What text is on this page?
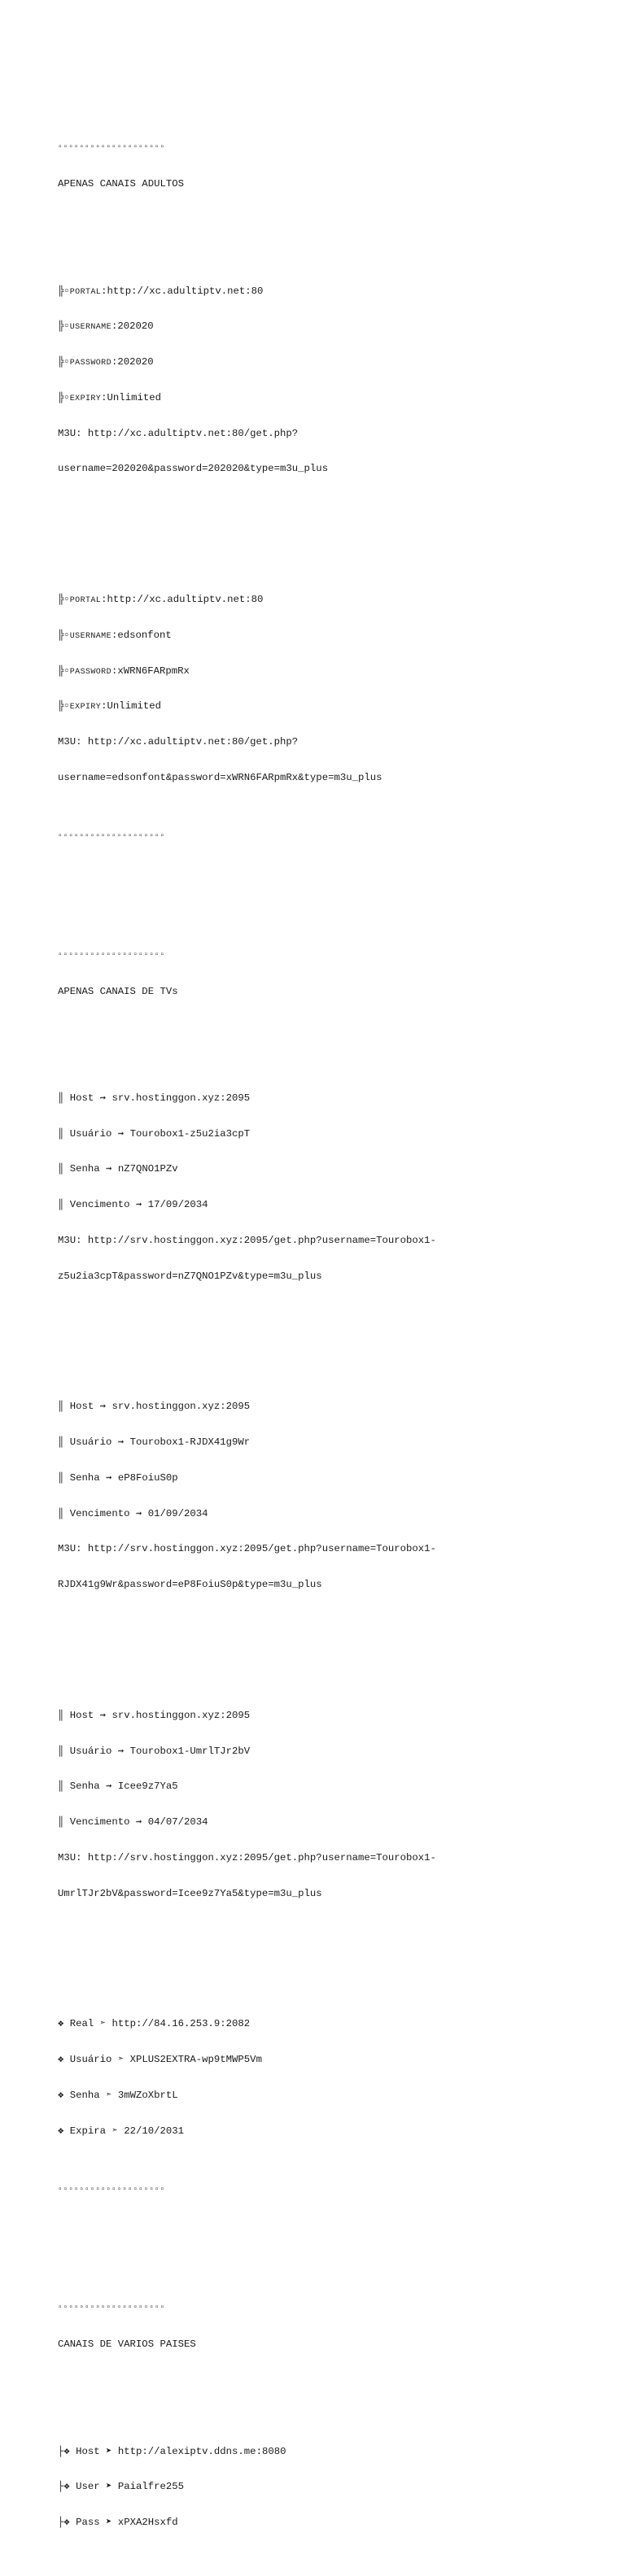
▫▫▫▫▫▫▫▫▫▫▫▫▫▫▫▫▫▫▫▫

APENAS CANAIS ADULTOS

╠▫PORTAL:http://xc.adultiptv.net:80

╠▫USERNAME:202020

╠▫PASSWORD:202020

╠▫EXPIRY:Unlimited

M3U: http://xc.adultiptv.net:80/get.php?

username=202020&password=202020&type=m3u_plus

╠▫PORTAL:http://xc.adultiptv.net:80

╠▫USERNAME:edsonfont

╠▫PASSWORD:xWRN6FARpmRx

╠▫EXPIRY:Unlimited

M3U: http://xc.adultiptv.net:80/get.php?

username=edsonfont&password=xWRN6FARpmRx&type=m3u_plus

▫▫▫▫▫▫▫▫▫▫▫▫▫▫▫▫▫▫▫▫

▫▫▫▫▫▫▫▫▫▫▫▫▫▫▫▫▫▫▫▫

APENAS CANAIS DE TVs

║ Host ⇝ srv.hostinggon.xyz:2095

║ Usuário ⇝ Tourobox1-z5u2ia3cpT

║ Senha ⇝ nZ7QNO1PZv

║ Vencimento ⇝ 17/09/2034

M3U: http://srv.hostinggon.xyz:2095/get.php?username=Tourobox1-

z5u2ia3cpT&password=nZ7QNO1PZv&type=m3u_plus

║ Host ⇝ srv.hostinggon.xyz:2095

║ Usuário ⇝ Tourobox1-RJDX41g9Wr

║ Senha ⇝ eP8FoiuS0p

║ Vencimento ⇝ 01/09/2034

M3U: http://srv.hostinggon.xyz:2095/get.php?username=Tourobox1-

RJDX41g9Wr&password=eP8FoiuS0p&type=m3u_plus

║ Host ⇝ srv.hostinggon.xyz:2095

║ Usuário ⇝ Tourobox1-UmrlTJr2bV

║ Senha ⇝ Icee9z7Ya5

║ Vencimento ⇝ 04/07/2034

M3U: http://srv.hostinggon.xyz:2095/get.php?username=Tourobox1-

UmrlTJr2bV&password=Icee9z7Ya5&type=m3u_plus

❖ Real ➣ http://84.16.253.9:2082

❖ Usuário ➣ XPLUS2EXTRA-wp9tMWP5Vm

❖ Senha ➣ 3mWZoXbrtL

❖ Expira ➣ 22/10/2031

▫▫▫▫▫▫▫▫▫▫▫▫▫▫▫▫▫▫▫▫

▫▫▫▫▫▫▫▫▫▫▫▫▫▫▫▫▫▫▫▫

CANAIS DE VARIOS PAISES

├❖ Host ➤ http://alexiptv.ddns.me:8080

├❖ User ➤ Paialfre255

├❖ Pass ➤ xPXA2Hsxfd
